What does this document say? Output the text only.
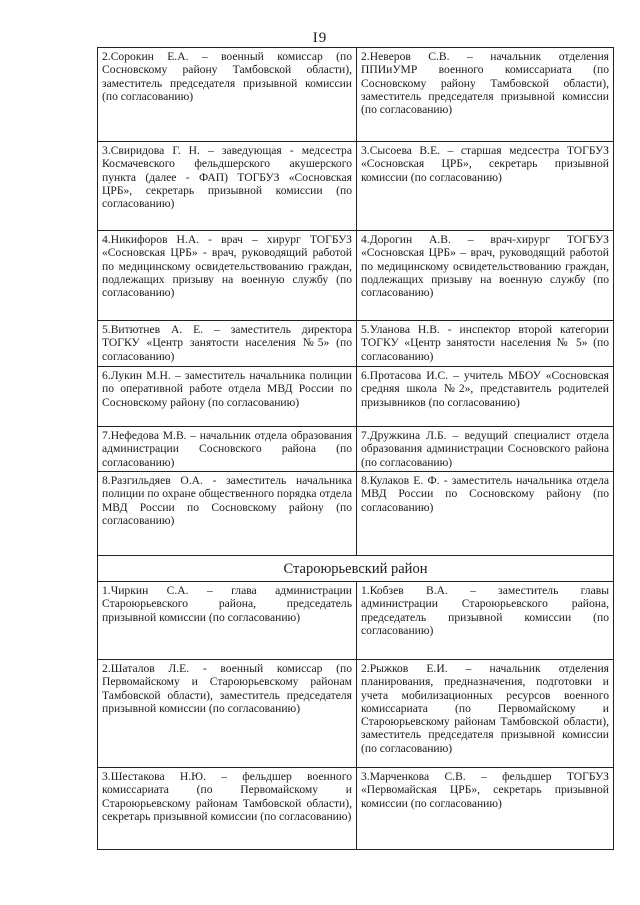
I9
2.Сорокин Е.А. – военный комиссар (по Сосновскому району Тамбовской области), заместитель председателя призывной комиссии (по согласованию)	2.Неверов С.В. – начальник отделения ППИиУМР военного комиссариата (по Сосновскому району Тамбовской области), заместитель председателя призывной комиссии (по согласованию)
3.Свиридова Г. Н. – заведующая - медсестра Космачевского фельдшерского акушерского пункта (далее - ФАП) ТОГБУЗ «Сосновская ЦРБ», секретарь призывной комиссии (по согласованию)	3.Сысоева В.Е. – старшая медсестра ТОГБУЗ «Сосновская ЦРБ», секретарь призывной комиссии (по согласованию)
4.Никифоров Н.А. - врач – хирург ТОГБУЗ «Сосновская ЦРБ» - врач, руководящий работой по медицинскому освидетельствованию граждан, подлежащих призыву на военную службу (по согласованию)	4.Дорогин А.В. – врач-хирург ТОГБУЗ «Сосновская ЦРБ» – врач, руководящий работой по медицинскому освидетельствованию граждан, подлежащих призыву на военную службу (по согласованию)
5.Витютнев А. Е. – заместитель директора ТОГКУ «Центр занятости населения №5» (по согласованию)	5.Уланова Н.В. - инспектор второй категории ТОГКУ «Центр занятости населения № 5» (по согласованию)
6.Лукин М.Н. – заместитель начальника полиции по оперативной работе отдела МВД России по Сосновскому району (по согласованию)	6.Протасова И.С. – учитель МБОУ «Сосновская средняя школа №2», представитель родителей призывников (по согласованию)
7.Нефедова М.В. – начальник отдела образования администрации Сосновского района (по согласованию)	7.Дружкина Л.Б. – ведущий специалист отдела образования администрации Сосновского района (по согласованию)
8.Разгильдяев О.А. - заместитель начальника полиции по охране общественного порядка отдела МВД России по Сосновскому району (по согласованию)	8.Кулаков Е. Ф. - заместитель начальника отдела МВД России по Сосновскому району (по согласованию)
Староюрьевский район	
1.Чиркин С.А. – глава администрации Староюрьевского района, председатель призывной комиссии (по согласованию)	1.Кобзев В.А. – заместитель главы администрации Староюрьевского района, председатель призывной комиссии (по согласованию)
2.Шаталов Л.Е. - военный комиссар (по Первомайскому и Староюрьевскому районам Тамбовской области), заместитель председателя призывной комиссии (по согласованию)	2.Рыжков Е.И. – начальник отделения планирования, предназначения, подготовки и учета мобилизационных ресурсов военного комиссариата (по Первомайскому и Староюрьевскому районам Тамбовской области), заместитель председателя призывной комиссии (по согласованию)
3.Шестакова Н.Ю. – фельдшер военного комиссариата (по Первомайскому и Староюрьевскому районам Тамбовской области), секретарь призывной комиссии (по согласованию)	3.Марченкова С.В. – фельдшер ТОГБУЗ «Первомайская ЦРБ», секретарь призывной комиссии (по согласованию)
